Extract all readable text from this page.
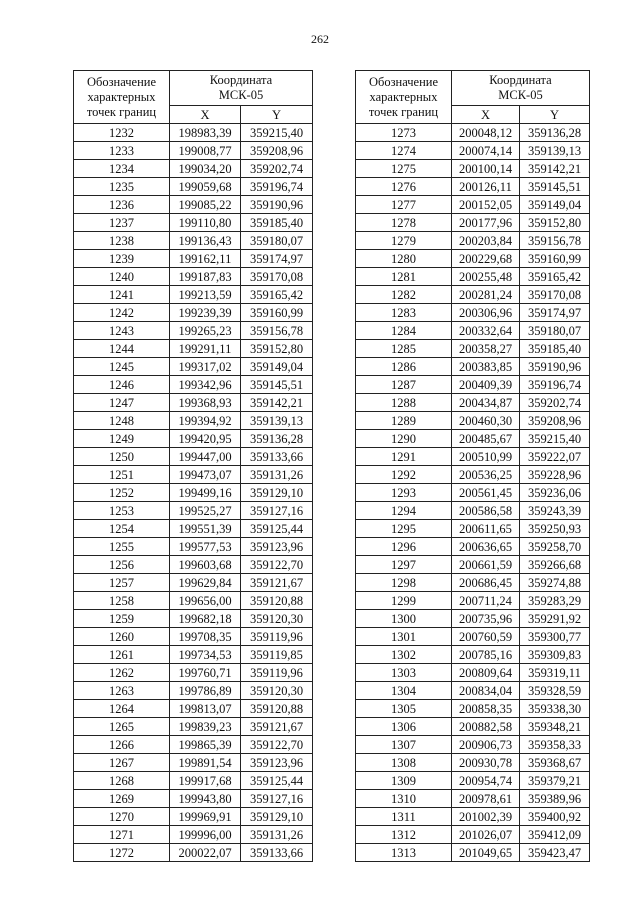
262
Обозначение
характерных
точек границ	Координата
МСК-05	
	X	Y
1232	198983,39	359215,40
1233	199008,77	359208,96
1234	199034,20	359202,74
1235	199059,68	359196,74
1236	199085,22	359190,96
1237	199110,80	359185,40
1238	199136,43	359180,07
1239	199162,11	359174,97
1240	199187,83	359170,08
1241	199213,59	359165,42
1242	199239,39	359160,99
1243	199265,23	359156,78
1244	199291,11	359152,80
1245	199317,02	359149,04
1246	199342,96	359145,51
1247	199368,93	359142,21
1248	199394,92	359139,13
1249	199420,95	359136,28
1250	199447,00	359133,66
1251	199473,07	359131,26
1252	199499,16	359129,10
1253	199525,27	359127,16
1254	199551,39	359125,44
1255	199577,53	359123,96
1256	199603,68	359122,70
1257	199629,84	359121,67
1258	199656,00	359120,88
1259	199682,18	359120,30
1260	199708,35	359119,96
1261	199734,53	359119,85
1262	199760,71	359119,96
1263	199786,89	359120,30
1264	199813,07	359120,88
1265	199839,23	359121,67
1266	199865,39	359122,70
1267	199891,54	359123,96
1268	199917,68	359125,44
1269	199943,80	359127,16
1270	199969,91	359129,10
1271	199996,00	359131,26
1272	200022,07	359133,66
Обозначение
характерных
точек границ	Координата
МСК-05	
	X	Y
1273	200048,12	359136,28
1274	200074,14	359139,13
1275	200100,14	359142,21
1276	200126,11	359145,51
1277	200152,05	359149,04
1278	200177,96	359152,80
1279	200203,84	359156,78
1280	200229,68	359160,99
1281	200255,48	359165,42
1282	200281,24	359170,08
1283	200306,96	359174,97
1284	200332,64	359180,07
1285	200358,27	359185,40
1286	200383,85	359190,96
1287	200409,39	359196,74
1288	200434,87	359202,74
1289	200460,30	359208,96
1290	200485,67	359215,40
1291	200510,99	359222,07
1292	200536,25	359228,96
1293	200561,45	359236,06
1294	200586,58	359243,39
1295	200611,65	359250,93
1296	200636,65	359258,70
1297	200661,59	359266,68
1298	200686,45	359274,88
1299	200711,24	359283,29
1300	200735,96	359291,92
1301	200760,59	359300,77
1302	200785,16	359309,83
1303	200809,64	359319,11
1304	200834,04	359328,59
1305	200858,35	359338,30
1306	200882,58	359348,21
1307	200906,73	359358,33
1308	200930,78	359368,67
1309	200954,74	359379,21
1310	200978,61	359389,96
1311	201002,39	359400,92
1312	201026,07	359412,09
1313	201049,65	359423,47
